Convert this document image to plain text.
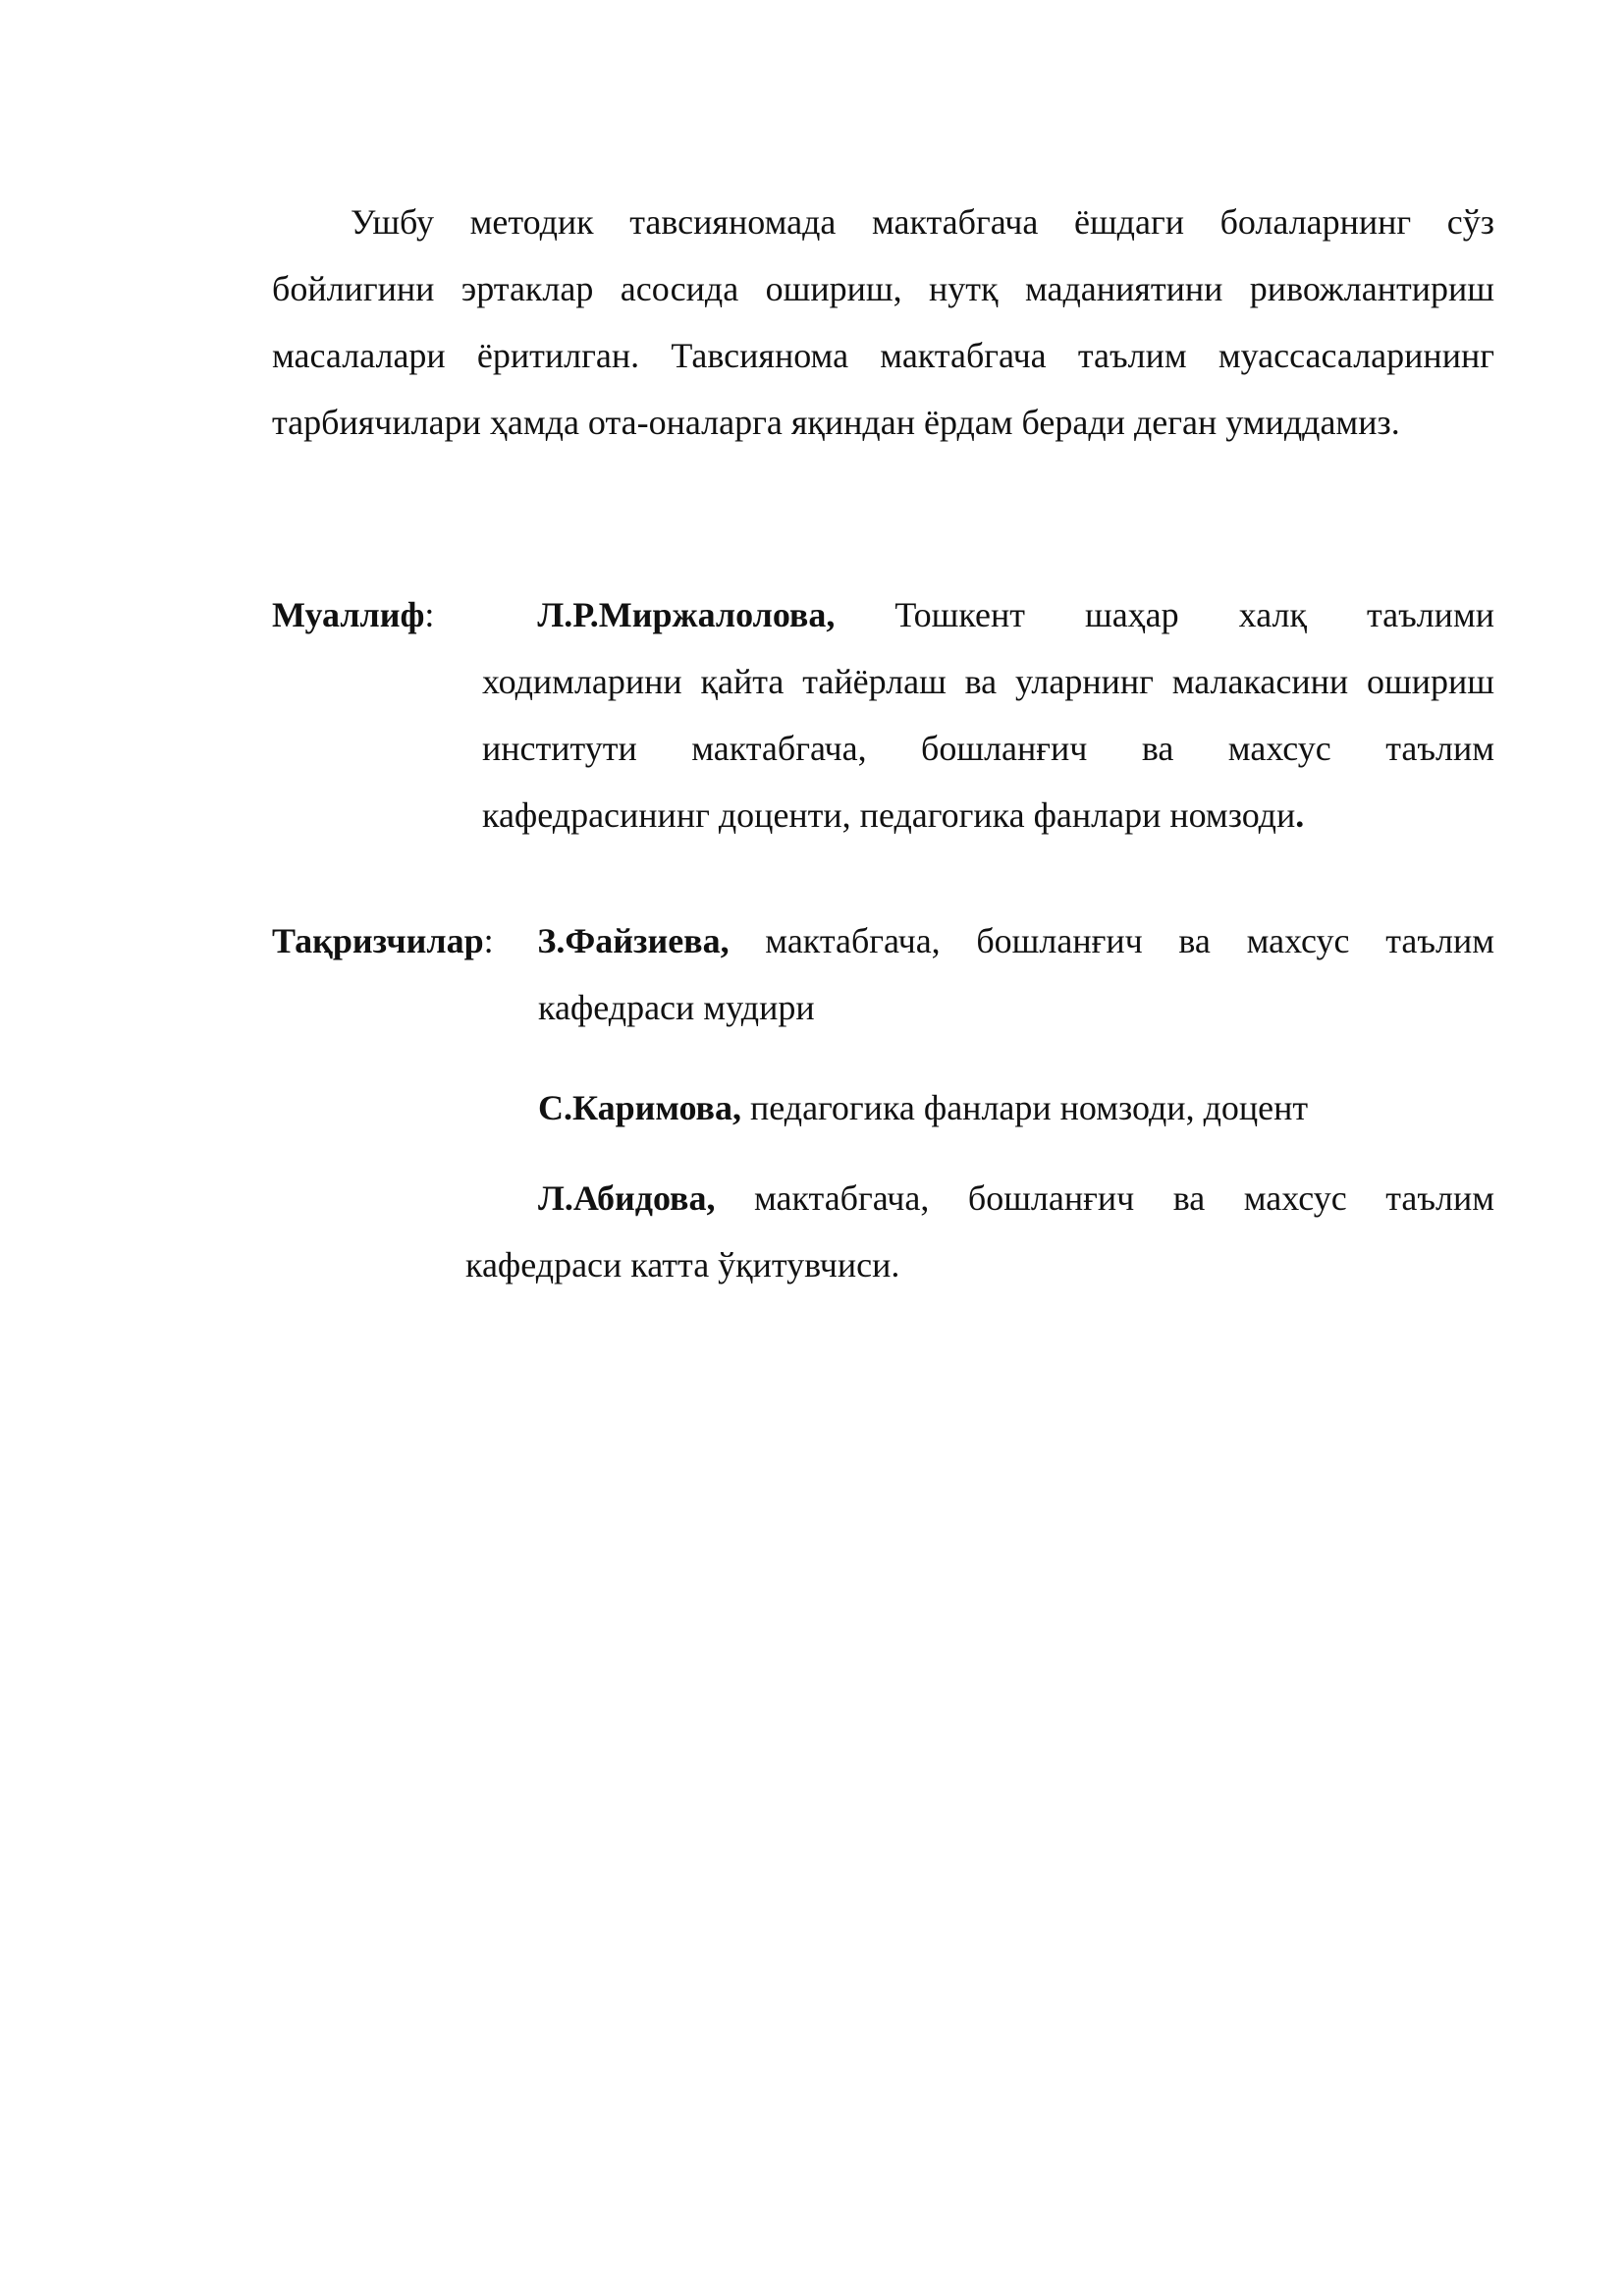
Ушбу методик тавсияномада мактабгача ёшдаги болаларнинг сўз бойлигини эртаклар асосида ошириш, нутқ маданиятини ривожлантириш масалалари ёритилган. Тавсиянома мактабгача таълим муассасаларининг тарбиячилари ҳамда ота-оналарга яқиндан ёрдам беради деган умиддамиз.

Муаллиф:	Л.Р.Миржалолова, Тошкент шаҳар халқ таълими

ходимларини қайта тайёрлаш ва уларнинг малакасини ошириш институти мактабгача, бошланғич ва махсус таълим кафедрасининг доценти, педагогика фанлари номзоди.

Тақризчилар: З.Файзиева, мактабгача, бошланғич ва махсус таълим

кафедраси мудири

С.Каримова, педагогика фанлари номзоди, доцент

Л.Абидова, мактабгача, бошланғич ва махсус таълим

кафедраси катта ўқитувчиси.
